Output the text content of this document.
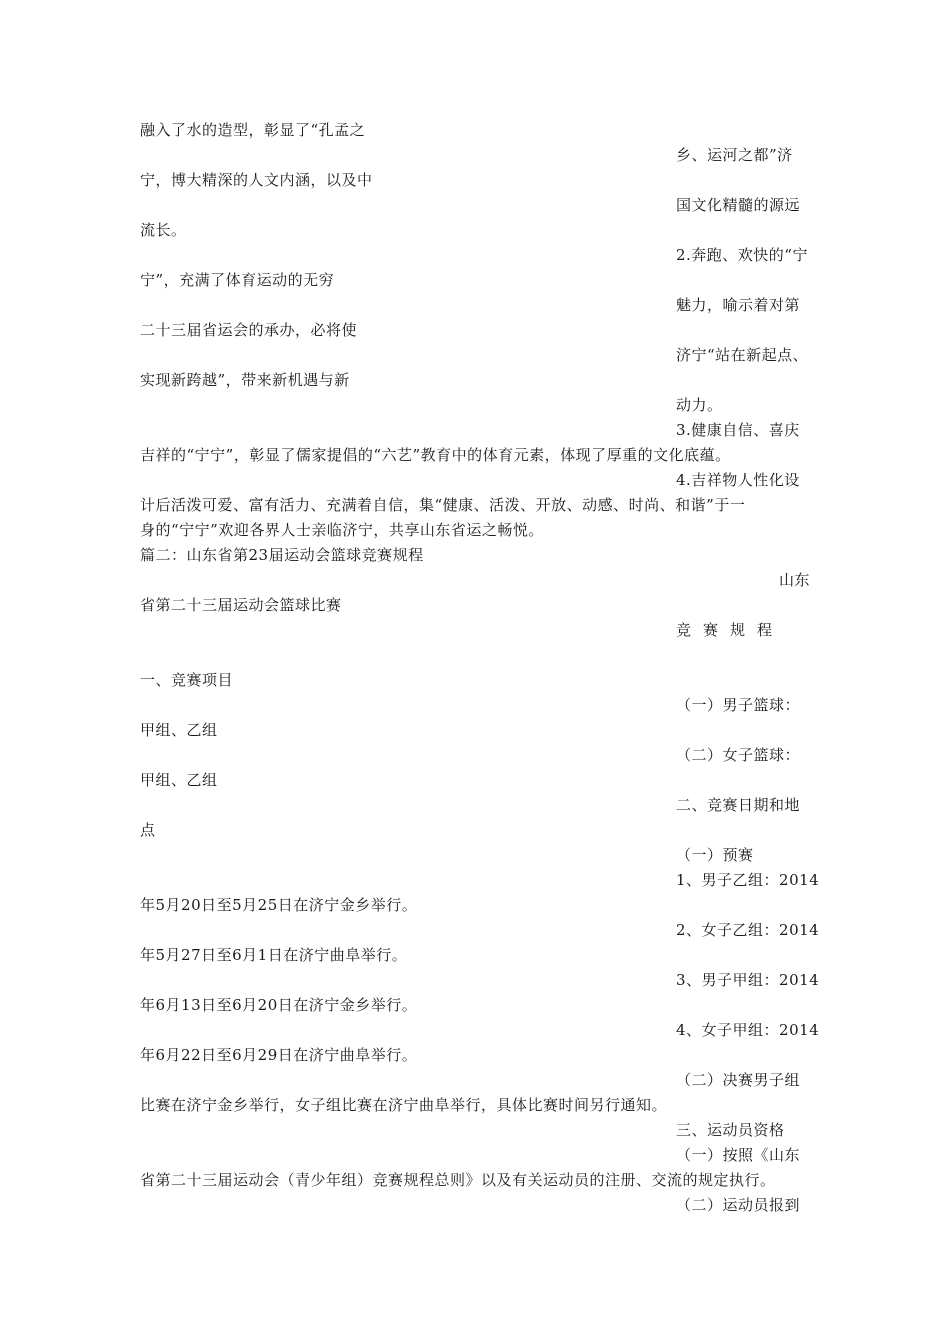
融入了水的造型，彰显了“孔孟之
乡、运河之都”济
宁，博大精深的人文内涵，以及中
国文化精髓的源远
流长。
2.奔跑、欢快的“宁
宁”，充满了体育运动的无穷
魅力，喻示着对第
二十三届省运会的承办，必将使
济宁“站在新起点、
实现新跨越”，带来新机遇与新
动力。
3.健康自信、喜庆
吉祥的“宁宁”，彰显了儒家提倡的“六艺”教育中的体育元素，体现了厚重的文化底蕴。
4.吉祥物人性化设
计后活泼可爱、富有活力、充满着自信，集“健康、活泼、开放、动感、时尚、和谐”于一
身的“宁宁”欢迎各界人士亲临济宁，共享山东省运之畅悦。
篇二：山东省第23届运动会篮球竞赛规程
山东
省第二十三届运动会篮球比赛
竞赛规程
一、竞赛项目
（一）男子篮球：
甲组、乙组
（二）女子篮球：
甲组、乙组
二、竞赛日期和地
点
（一）预赛
1、男子乙组：2014
年5月20日至5月25日在济宁金乡举行。
2、女子乙组：2014
年5月27日至6月1日在济宁曲阜举行。
3、男子甲组：2014
年6月13日至6月20日在济宁金乡举行。
4、女子甲组：2014
年6月22日至6月29日在济宁曲阜举行。
（二）决赛男子组
比赛在济宁金乡举行，女子组比赛在济宁曲阜举行，具体比赛时间另行通知。
三、运动员资格
（一）按照《山东
省第二十三届运动会（青少年组）竞赛规程总则》以及有关运动员的注册、交流的规定执行。
（二）运动员报到
